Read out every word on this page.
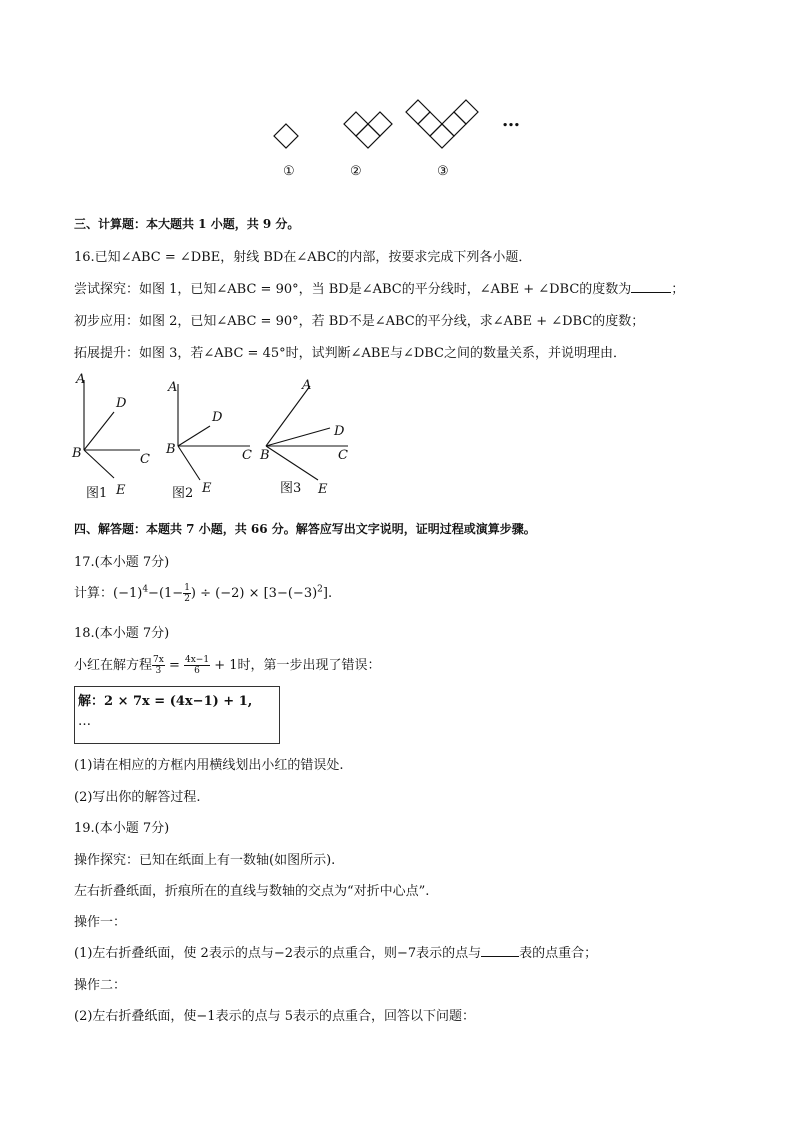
…
①	②	③
三、计算题：本大题共 1 小题，共 9 分。
16.已知∠ABC = ∠DBE，射线 BD在∠ABC的内部，按要求完成下列各小题．
尝试探究：如图 1，已知∠ABC = 90°，当 BD是∠ABC的平分线时，∠ABE + ∠DBC的度数为	；
初步应用：如图 2，已知∠ABC = 90°，若 BD不是∠ABC的平分线，求∠ABE + ∠DBC的度数；
拓展提升：如图 3，若∠ABC = 45°时，试判断∠ABE与∠DBC之间的数量关系，并说明理由．
A
D
B	C
E
图1
A
D
B	C
E
图2
A
D
B	C
E
图3
四、解答题：本题共 7 小题，共 66 分。解答应写出文字说明，证明过程或演算步骤。
17.(本小题 7分)
计算：$(-1)^4-(1- \frac{1}{2}$ ) ÷ $(-2) \times [3-(-3)^2]$.
18.(本小题 7分)
小红在解方程 $\frac{7x}{3} = \frac{4x-1}{6} + 1$时，第一步出现了错误：
解：2 × 7x = (4x−1) + 1,
…
(1)请在相应的方框内用横线划出小红的错误处.
(2)写出你的解答过程.
19.(本小题 7分)
操作探究：已知在纸面上有一数轴(如图所示).
左右折叠纸面，折痕所在的直线与数轴的交点为“对折中心点”.
操作一：
(1)左右折叠纸面，使 2表示的点与−2表示的点重合，则−7表示的点与	表的点重合；
操作二：
(2)左右折叠纸面，使−1表示的点与 5表示的点重合，回答以下问题：
